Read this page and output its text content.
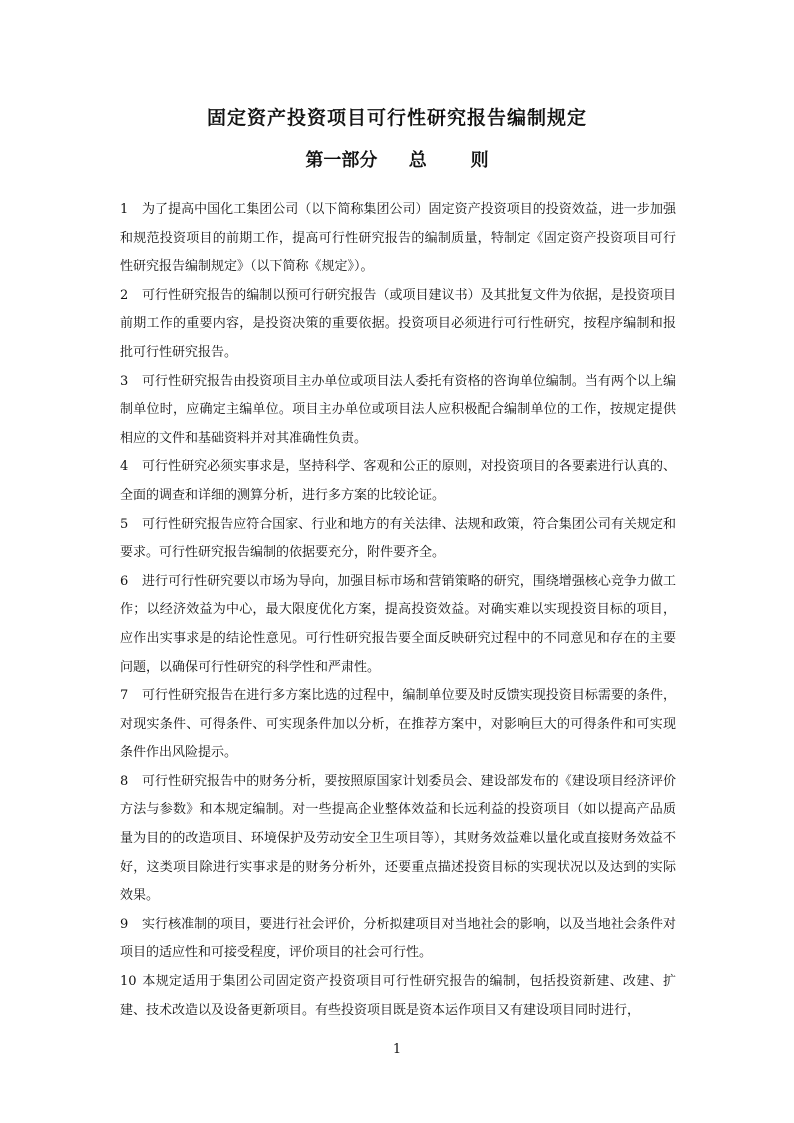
固定资产投资项目可行性研究报告编制规定
第一部分     总       则

1 为了提高中国化工集团公司（以下简称集团公司）固定资产投资项目的投资效益，进一步加强和规范投资项目的前期工作，提高可行性研究报告的编制质量，特制定《固定资产投资项目可行性研究报告编制规定》（以下简称《规定》）。

2 可行性研究报告的编制以预可行研究报告（或项目建议书）及其批复文件为依据，是投资项目前期工作的重要内容，是投资决策的重要依据。投资项目必须进行可行性研究，按程序编制和报批可行性研究报告。

3 可行性研究报告由投资项目主办单位或项目法人委托有资格的咨询单位编制。当有两个以上编制单位时，应确定主编单位。项目主办单位或项目法人应积极配合编制单位的工作，按规定提供相应的文件和基础资料并对其准确性负责。

4 可行性研究必须实事求是，坚持科学、客观和公正的原则，对投资项目的各要素进行认真的、全面的调查和详细的测算分析，进行多方案的比较论证。

5 可行性研究报告应符合国家、行业和地方的有关法律、法规和政策，符合集团公司有关规定和要求。可行性研究报告编制的依据要充分，附件要齐全。

6 进行可行性研究要以市场为导向，加强目标市场和营销策略的研究，围绕增强核心竞争力做工作；以经济效益为中心，最大限度优化方案，提高投资效益。对确实难以实现投资目标的项目，应作出实事求是的结论性意见。可行性研究报告要全面反映研究过程中的不同意见和存在的主要问题，以确保可行性研究的科学性和严肃性。

7 可行性研究报告在进行多方案比选的过程中，编制单位要及时反馈实现投资目标需要的条件，对现实条件、可得条件、可实现条件加以分析，在推荐方案中，对影响巨大的可得条件和可实现条件作出风险提示。

8 可行性研究报告中的财务分析，要按照原国家计划委员会、建设部发布的《建设项目经济评价方法与参数》和本规定编制。对一些提高企业整体效益和长远利益的投资项目（如以提高产品质量为目的的改造项目、环境保护及劳动安全卫生项目等），其财务效益难以量化或直接财务效益不好，这类项目除进行实事求是的财务分析外，还要重点描述投资目标的实现状况以及达到的实际效果。

9 实行核准制的项目，要进行社会评价，分析拟建项目对当地社会的影响，以及当地社会条件对项目的适应性和可接受程度，评价项目的社会可行性。

10 本规定适用于集团公司固定资产投资项目可行性研究报告的编制，包括投资新建、改建、扩建、技术改造以及设备更新项目。有些投资项目既是资本运作项目又有建设项目同时进行，

1
